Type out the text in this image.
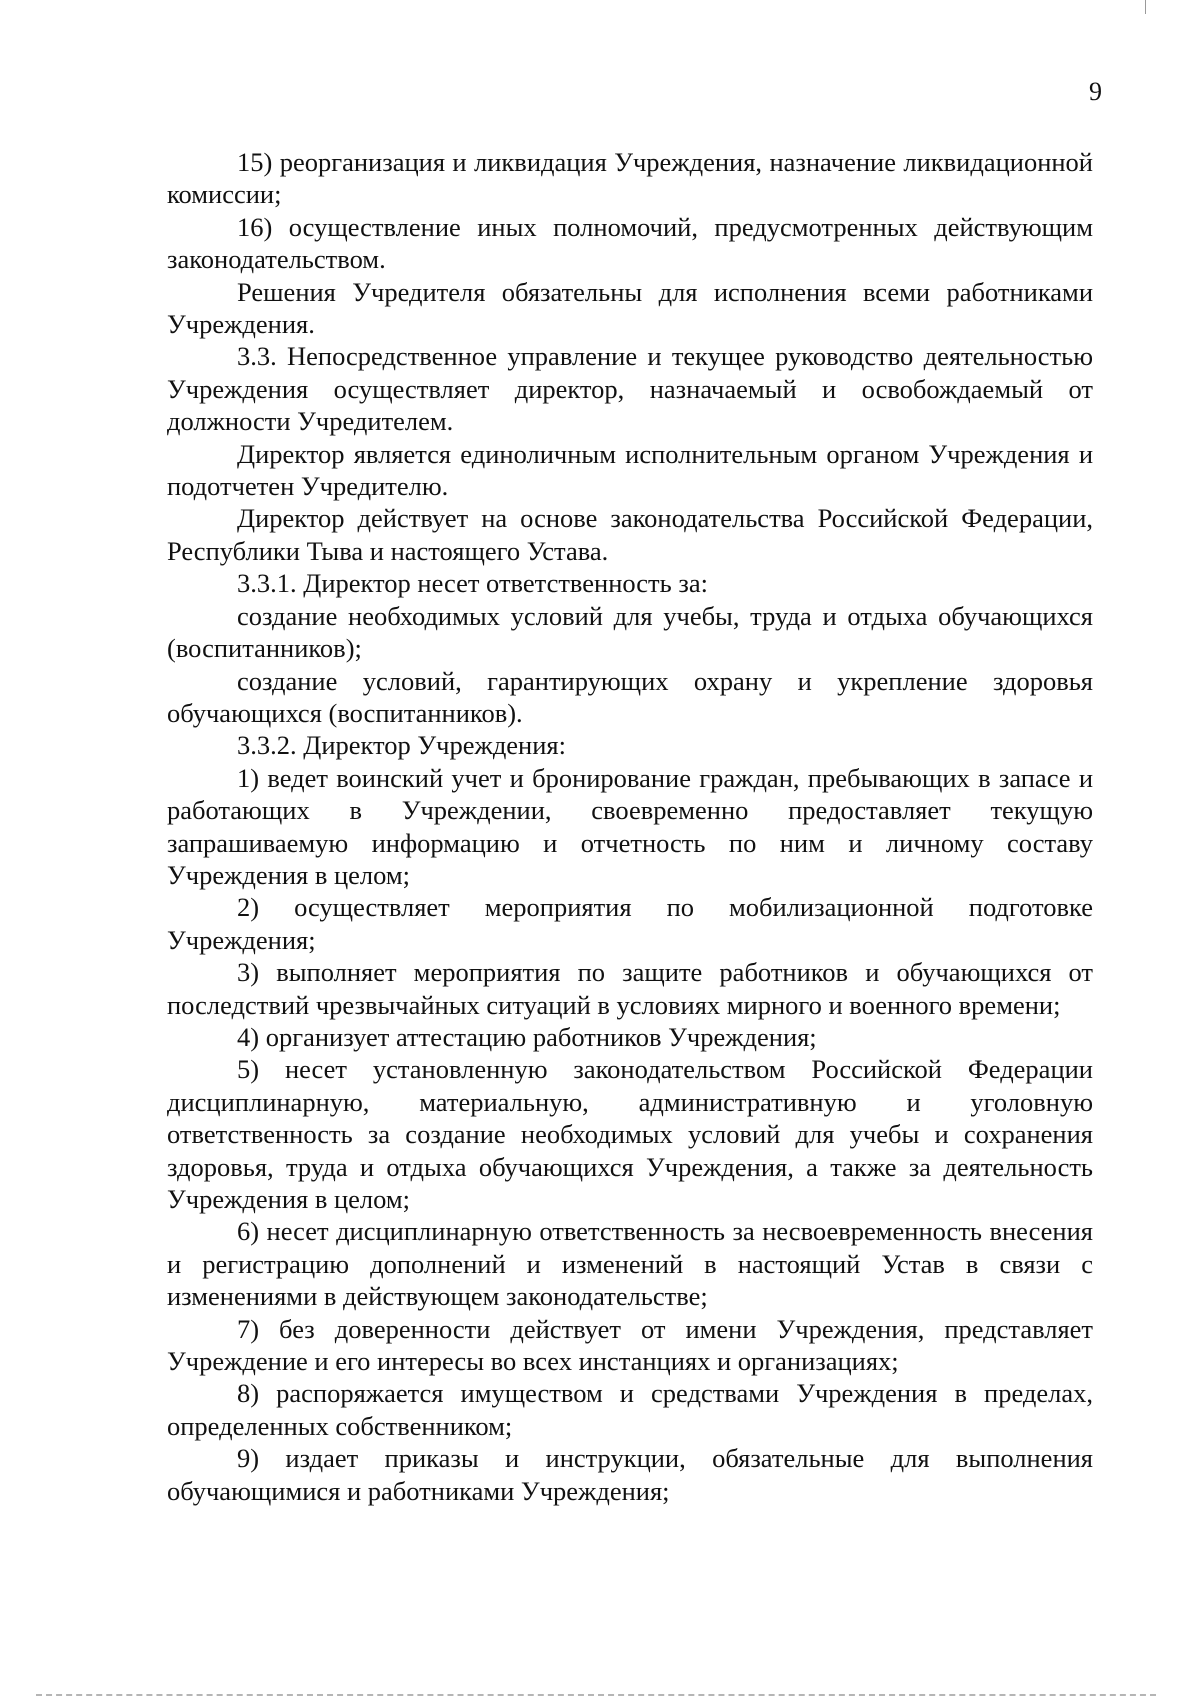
9

15) реорганизация и ликвидация Учреждения, назначение ликвидационной комиссии;

16) осуществление иных полномочий, предусмотренных действующим законодательством.

Решения Учредителя обязательны для исполнения всеми работниками Учреждения.

3.3. Непосредственное управление и текущее руководство деятельностью Учреждения осуществляет директор, назначаемый и освобождаемый от должности Учредителем.

Директор является единоличным исполнительным органом Учреждения и подотчетен Учредителю.

Директор действует на основе законодательства Российской Федерации, Республики Тыва и настоящего Устава.

3.3.1. Директор несет ответственность за:

создание необходимых условий для учебы, труда и отдыха обучающихся (воспитанников);

создание условий, гарантирующих охрану и укрепление здоровья обучающихся (воспитанников).

3.3.2. Директор Учреждения:

1) ведет воинский учет и бронирование граждан, пребывающих в запасе и работающих в Учреждении, своевременно предоставляет текущую запрашиваемую информацию и отчетность по ним и личному составу Учреждения в целом;

2) осуществляет мероприятия по мобилизационной подготовке Учреждения;

3) выполняет мероприятия по защите работников и обучающихся от последствий чрезвычайных ситуаций в условиях мирного и военного времени;

4) организует аттестацию работников Учреждения;

5) несет установленную законодательством Российской Федерации дисциплинарную, материальную, административную и уголовную ответственность за создание необходимых условий для учебы и сохранения здоровья, труда и отдыха обучающихся Учреждения, а также за деятельность Учреждения в целом;

6) несет дисциплинарную ответственность за несвоевременность внесения и регистрацию дополнений и изменений в настоящий Устав в связи с изменениями в действующем законодательстве;

7) без доверенности действует от имени Учреждения, представляет Учреждение и его интересы во всех инстанциях и организациях;

8) распоряжается имуществом и средствами Учреждения в пределах, определенных собственником;

9) издает приказы и инструкции, обязательные для выполнения обучающимися и работниками Учреждения;
